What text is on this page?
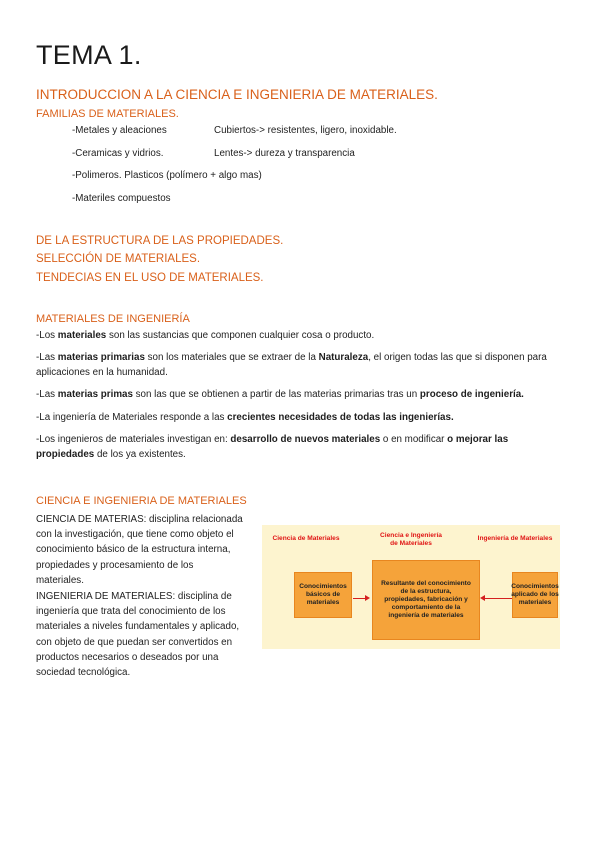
TEMA 1.
INTRODUCCION A LA CIENCIA E INGENIERIA DE MATERIALES.
FAMILIAS DE MATERIALES.
-Metales y aleaciones	Cubiertos-> resistentes, ligero, inoxidable.
-Ceramicas y vidrios.	Lentes-> dureza y transparencia
-Polimeros. Plasticos (polímero + algo mas)
-Materiles compuestos
DE LA ESTRUCTURA DE LAS PROPIEDADES.
SELECCIÓN DE MATERIALES.
TENDECIAS EN EL USO DE MATERIALES.
MATERIALES DE INGENIERÍA
-Los materiales son las sustancias que componen cualquier cosa o producto.
-Las materias primarias son los materiales que se extraer de la Naturaleza, el origen todas las que si disponen para
aplicaciones en la humanidad.
-Las materias primas son las que se obtienen a partir de las materias primarias tras un proceso de ingeniería.
-La ingeniería de Materiales responde a las crecientes necesidades de todas las ingenierías.
-Los ingenieros de materiales investigan en: desarrollo de nuevos materiales o en modificar o mejorar las
propiedades de los ya existentes.
CIENCIA E INGENIERIA DE MATERIALES
CIENCIA DE MATERIAS: disciplina relacionada
con la investigación, que tiene como objeto el
conocimiento básico de la estructura interna,
propiedades y procesamiento de los
materiales.
INGENIERIA DE MATERIALES: disciplina de
ingeniería que trata del conocimiento de los
materiales a niveles fundamentales y aplicado,
con objeto de que puedan ser convertidos en
productos necesarios o deseados por una
sociedad tecnológica.
Ciencia de Materiales	Ciencia e Ingeniería
de Materiales
Ingeniería de Materiales
Conocimientos básicos de materiales
Resultante del conocimiento de la estructura, propiedades, fabricación y comportamiento de la ingeniería de materiales
Conocimientos aplicado de los materiales
